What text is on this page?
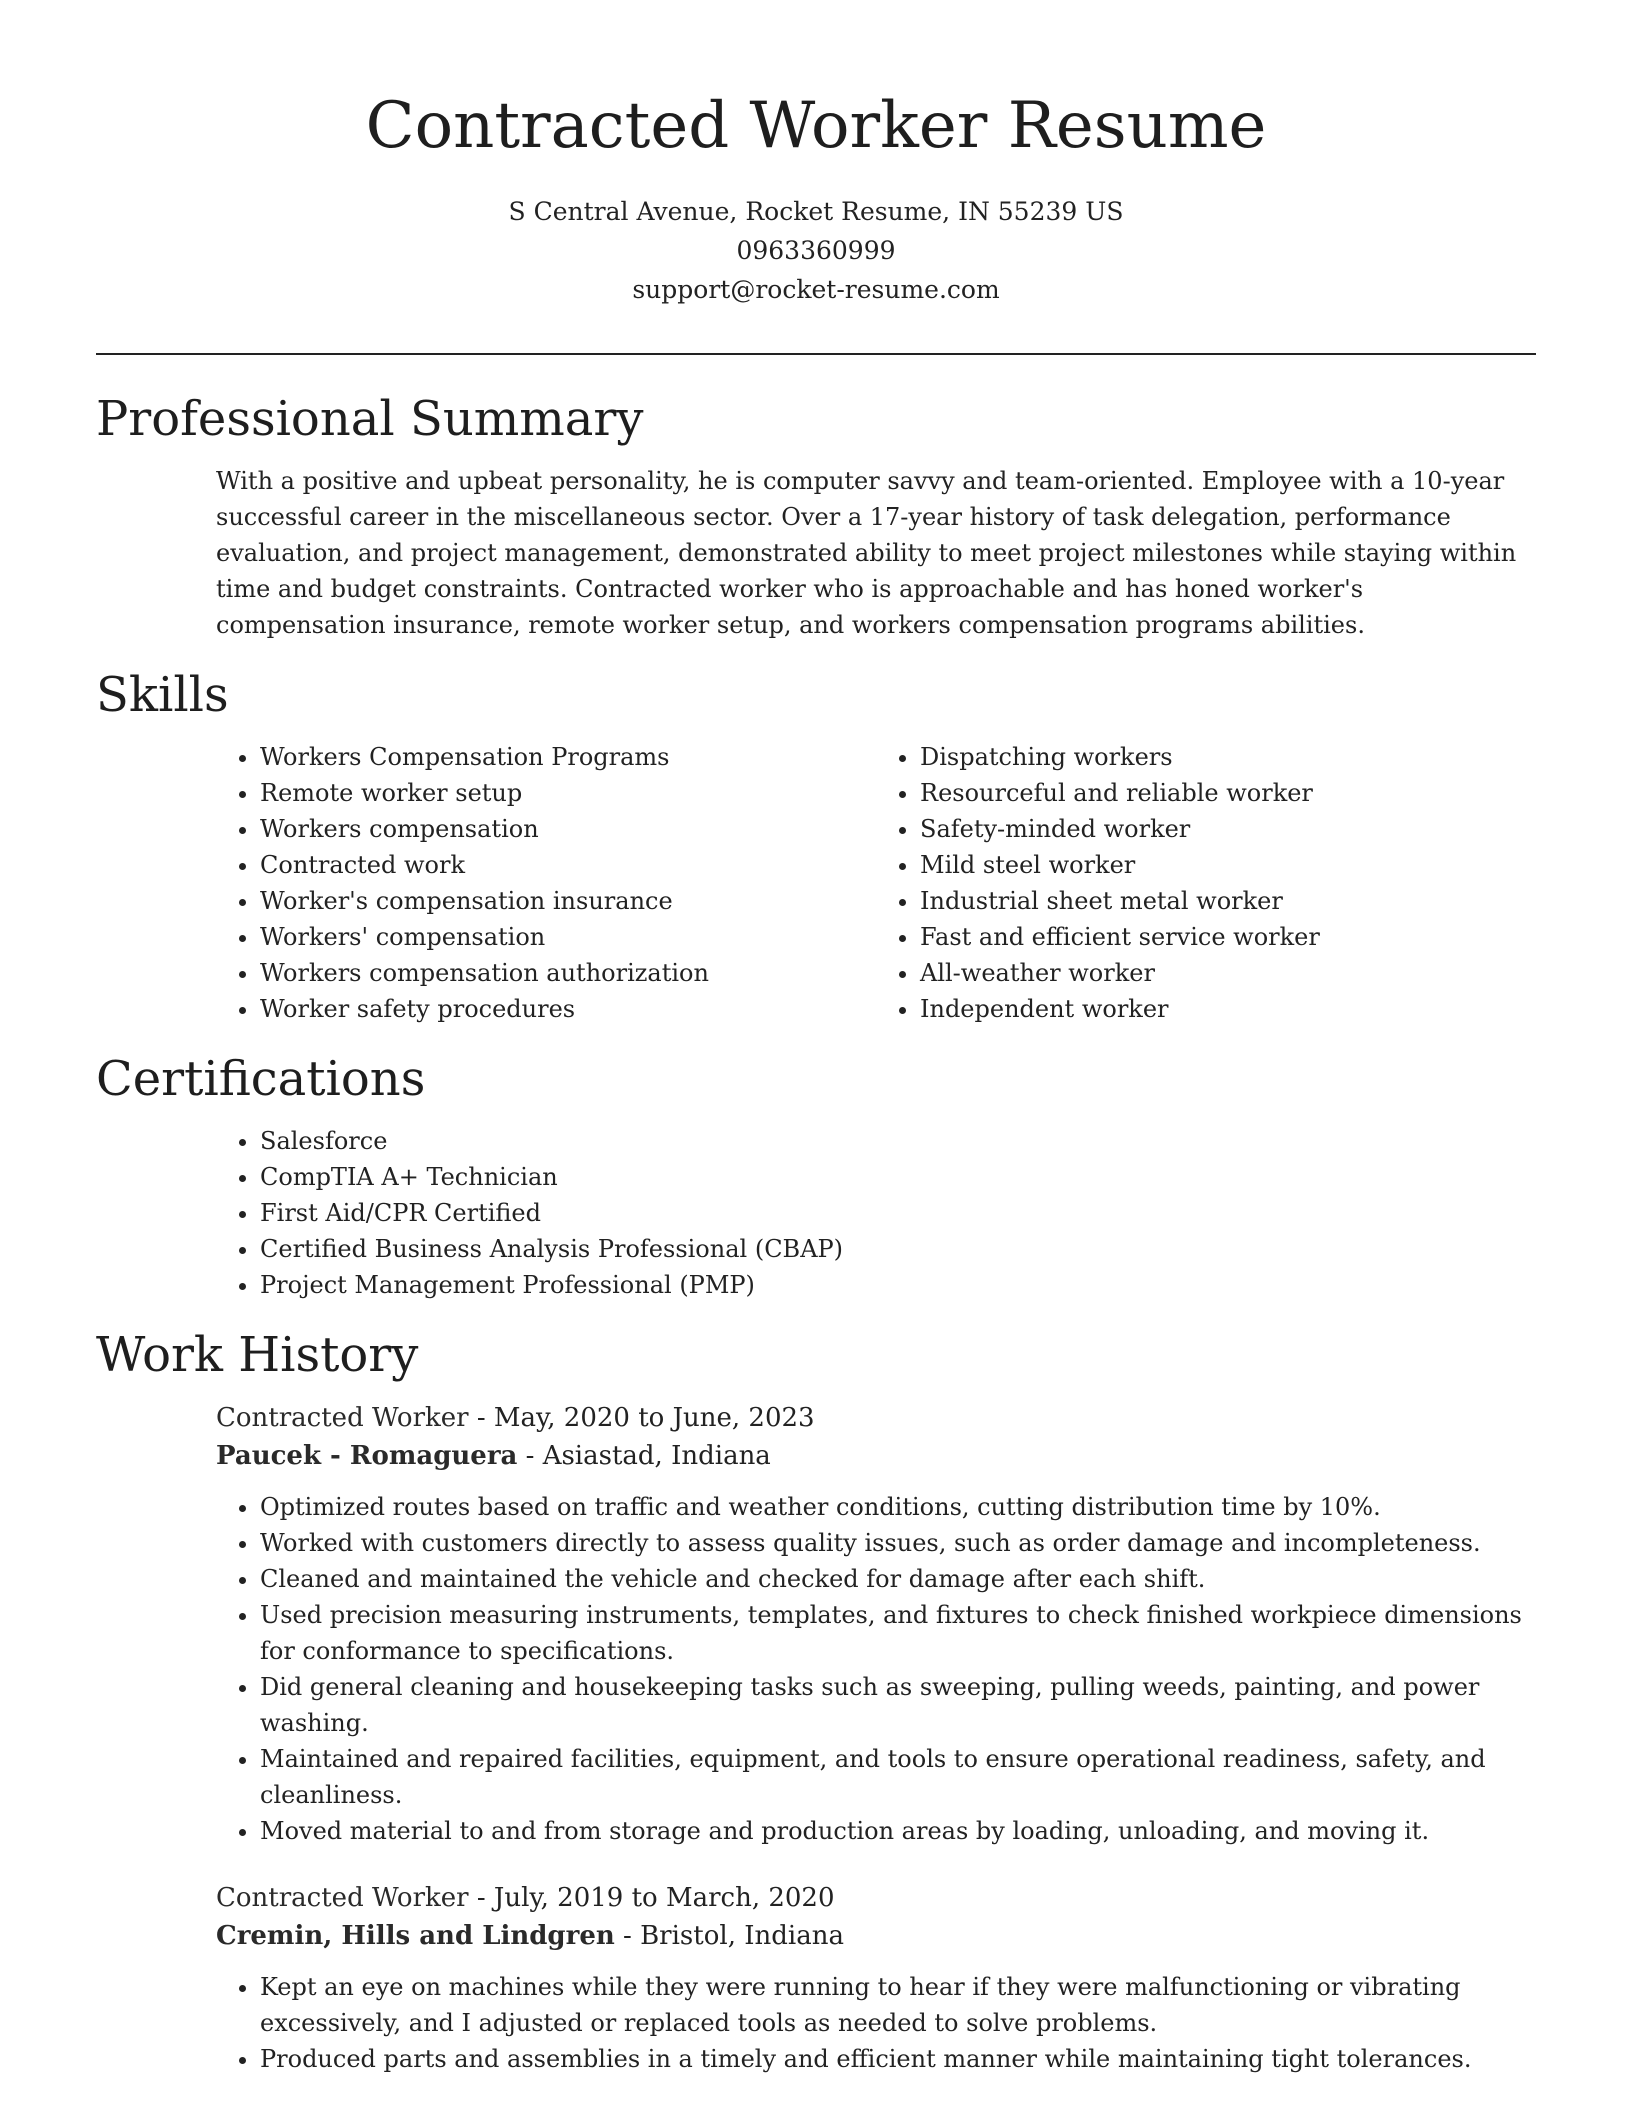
Contracted Worker Resume
S Central Avenue, Rocket Resume, IN 55239 US
0963360999
support@rocket-resume.com
Professional Summary

With a positive and upbeat personality, he is computer savvy and team-oriented. Employee with a 10-year successful career in the miscellaneous sector. Over a 17-year history of task delegation, performance evaluation, and project management, demonstrated ability to meet project milestones while staying within time and budget constraints. Contracted worker who is approachable and has honed worker's compensation insurance, remote worker setup, and workers compensation programs abilities.

Skills
• Workers Compensation Programs
• Remote worker setup
• Workers compensation
• Contracted work
• Worker's compensation insurance
• Workers' compensation
• Workers compensation authorization
• Worker safety procedures
• Dispatching workers
• Resourceful and reliable worker
• Safety-minded worker
• Mild steel worker
• Industrial sheet metal worker
• Fast and efficient service worker
• All-weather worker
• Independent worker
Certifications
• Salesforce
• CompTIA A+ Technician
• First Aid/CPR Certified
• Certified Business Analysis Professional (CBAP)
• Project Management Professional (PMP)
Work History
Contracted Worker - May, 2020 to June, 2023
Paucek - Romaguera - Asiastad, Indiana
• Optimized routes based on traffic and weather conditions, cutting distribution time by 10%.
• Worked with customers directly to assess quality issues, such as order damage and incompleteness.
• Cleaned and maintained the vehicle and checked for damage after each shift.
• Used precision measuring instruments, templates, and fixtures to check finished workpiece dimensions for conformance to specifications.
• Did general cleaning and housekeeping tasks such as sweeping, pulling weeds, painting, and power washing.
• Maintained and repaired facilities, equipment, and tools to ensure operational readiness, safety, and cleanliness.
• Moved material to and from storage and production areas by loading, unloading, and moving it.
Contracted Worker - July, 2019 to March, 2020
Cremin, Hills and Lindgren - Bristol, Indiana
• Kept an eye on machines while they were running to hear if they were malfunctioning or vibrating excessively, and I adjusted or replaced tools as needed to solve problems.
• Produced parts and assemblies in a timely and efficient manner while maintaining tight tolerances.
